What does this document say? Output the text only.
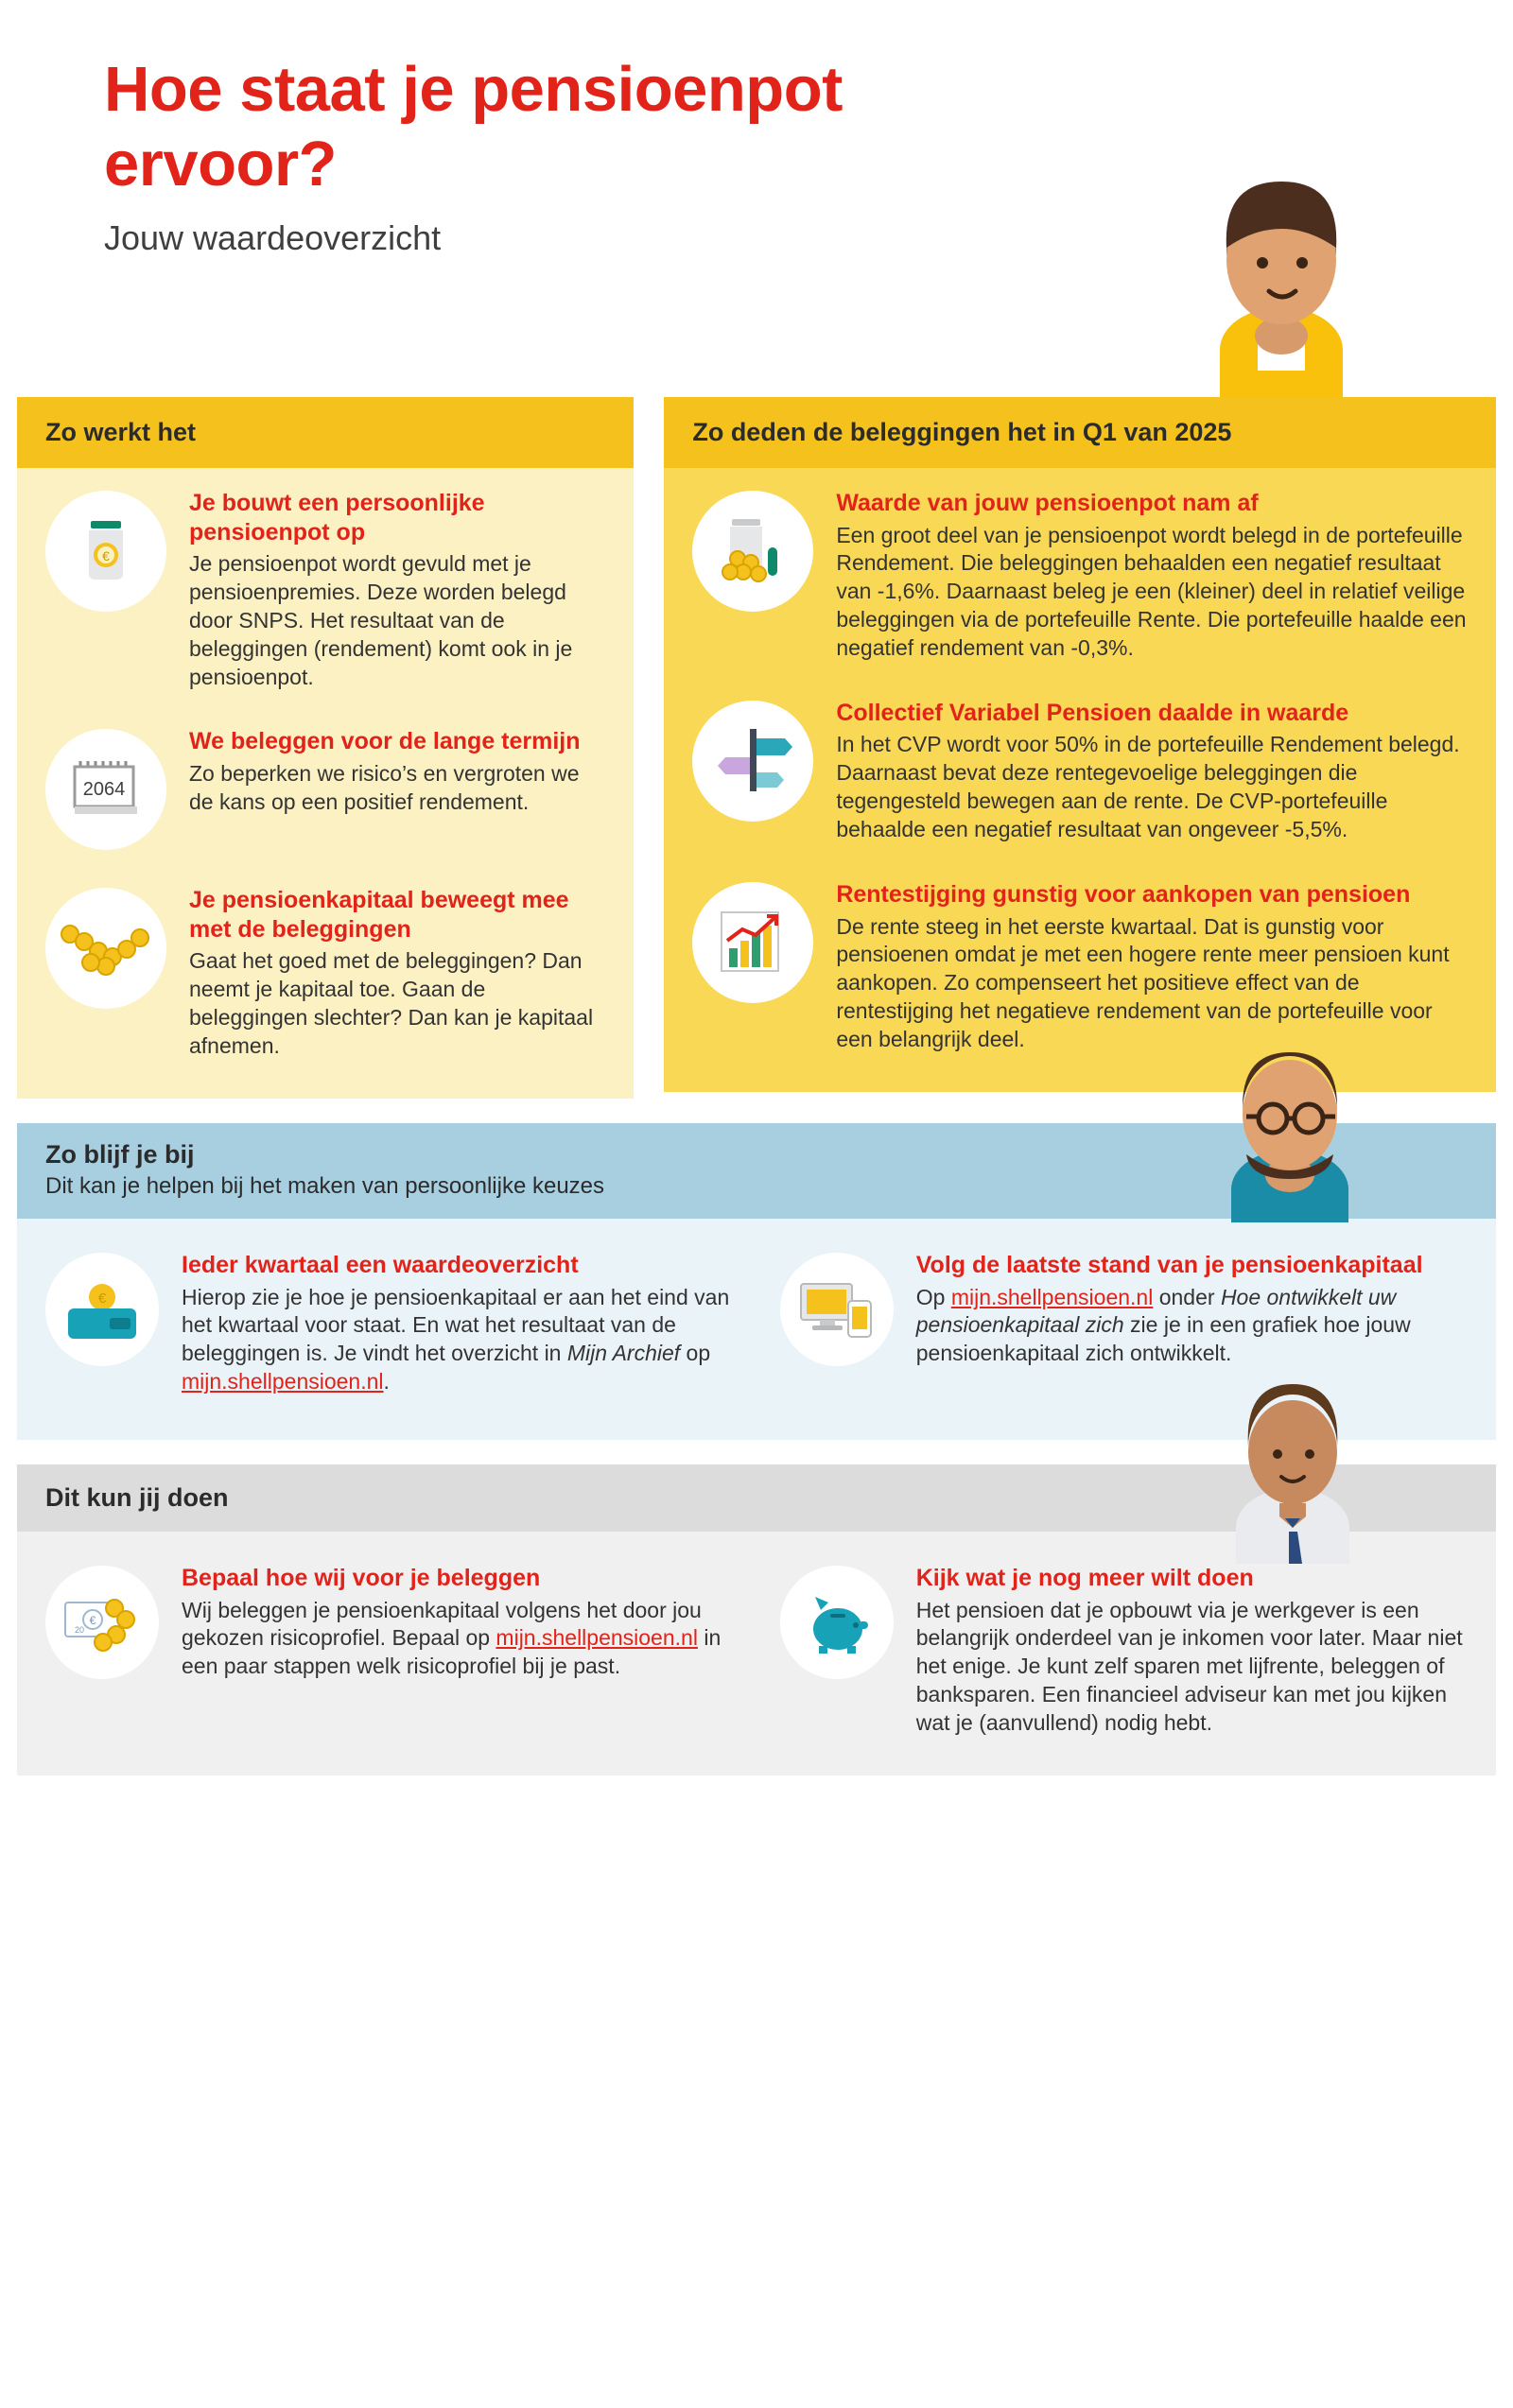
Hoe staat je pensioenpot ervoor?
Jouw waardeoverzicht
Zo werkt het
€
Je bouwt een persoonlijke pensioenpot op
Je pensioenpot wordt gevuld met je pensioenpremies. Deze worden belegd door SNPS. Het resultaat van de beleggingen (rendement) komt ook in je pensioenpot.
2064
We beleggen voor de lange termijn
Zo beperken we risico’s en vergroten we de kans op een positief rendement.
Je pensioenkapitaal beweegt mee met de beleggingen
Gaat het goed met de beleggingen? Dan neemt je kapitaal toe. Gaan de beleggingen slechter? Dan kan je kapitaal afnemen.
Zo deden de beleggingen het in Q1 van 2025
Waarde van jouw pensioenpot nam af
Een groot deel van je pensioenpot wordt belegd in de portefeuille Rendement. Die beleggingen behaalden een negatief resultaat van -1,6%. Daarnaast beleg je een (kleiner) deel in relatief veilige beleggingen via de portefeuille Rente. Die portefeuille haalde een negatief rendement van -0,3%.
Collectief Variabel Pensioen daalde in waarde
In het CVP wordt voor 50% in de portefeuille Rendement belegd. Daarnaast bevat deze rentegevoelige beleggingen die tegengesteld bewegen aan de rente. De CVP-portefeuille behaalde een negatief resultaat van ongeveer -5,5%.
Rentestijging gunstig voor aankopen van pensioen
De rente steeg in het eerste kwartaal. Dat is gunstig voor pensioenen omdat je met een hogere rente meer pensioen kunt aankopen. Zo compenseert het positieve effect van de rentestijging het negatieve rendement van de portefeuille voor een belangrijk deel.
Zo blijf je bij

Dit kan je helpen bij het maken van persoonlijke keuzes

€
Ieder kwartaal een waardeoverzicht
Hierop zie je hoe je pensioenkapitaal er aan het eind van het kwartaal voor staat. En wat het resultaat van de beleggingen is. Je vindt het overzicht in Mijn Archief op mijn.shellpensioen.nl.
Volg de laatste stand van je pensioenkapitaal
Op mijn.shellpensioen.nl onder Hoe ontwikkelt uw pensioenkapitaal zich zie je in een grafiek hoe jouw pensioenkapitaal zich ontwikkelt.
Dit kun jij doen
€
20
Bepaal hoe wij voor je beleggen
Wij beleggen je pensioenkapitaal volgens het door jou gekozen risicoprofiel. Bepaal op mijn.shellpensioen.nl in een paar stappen welk risicoprofiel bij je past.
Kijk wat je nog meer wilt doen
Het pensioen dat je opbouwt via je werkgever is een belangrijk onderdeel van je inkomen voor later. Maar niet het enige. Je kunt zelf sparen met lijfrente, beleggen of banksparen. Een financieel adviseur kan met jou kijken wat je (aanvullend) nodig hebt.
